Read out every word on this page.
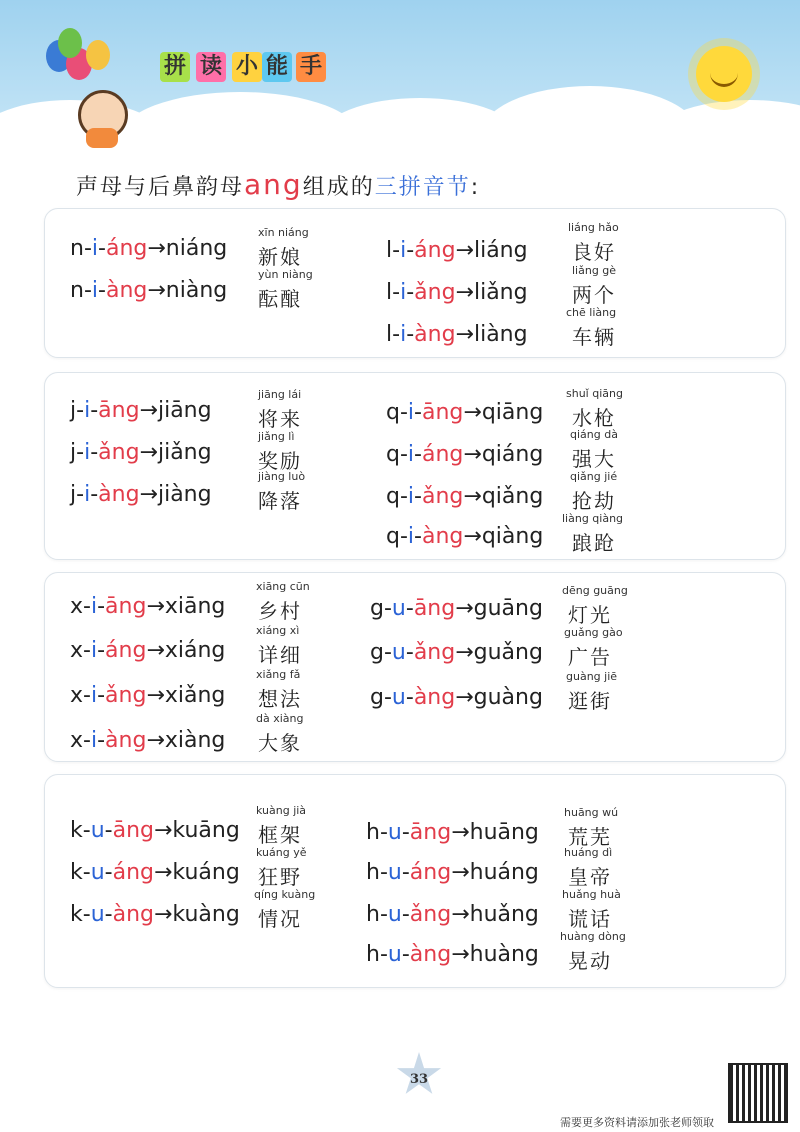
拼 读 小 能 手
声母与后鼻韵母ang组成的三拼音节:
n-i-áng→niáng
xīn niáng
新娘
n-i-àng→niàng
yùn niàng
酝酿
l-i-áng→liáng
liáng hǎo
良好
l-i-ǎng→liǎng
liǎng gè
两个
l-i-àng→liàng
chē liàng
车辆
j-i-āng→jiāng
jiāng lái
将来
j-i-ǎng→jiǎng
jiǎng lì
奖励
j-i-àng→jiàng
jiàng luò
降落
q-i-āng→qiāng
shuǐ qiāng
水枪
q-i-áng→qiáng
qiáng dà
强大
q-i-ǎng→qiǎng
qiǎng jié
抢劫
q-i-àng→qiàng
liàng qiàng
踉跄
x-i-āng→xiāng
xiāng cūn
乡村
x-i-áng→xiáng
xiáng xì
详细
x-i-ǎng→xiǎng
xiǎng fǎ
想法
x-i-àng→xiàng
dà xiàng
大象
g-u-āng→guāng
dēng guāng
灯光
g-u-ǎng→guǎng
guǎng gào
广告
g-u-àng→guàng
guàng jiē
逛街
k-u-āng→kuāng
kuàng jià
框架
k-u-áng→kuáng
kuáng yě
狂野
k-u-àng→kuàng
qíng kuàng
情况
h-u-āng→huāng
huāng wú
荒芜
h-u-áng→huáng
huáng dì
皇帝
h-u-ǎng→huǎng
huǎng huà
谎话
h-u-àng→huàng
huàng dòng
晃动
33
需要更多资料请添加张老师领取
